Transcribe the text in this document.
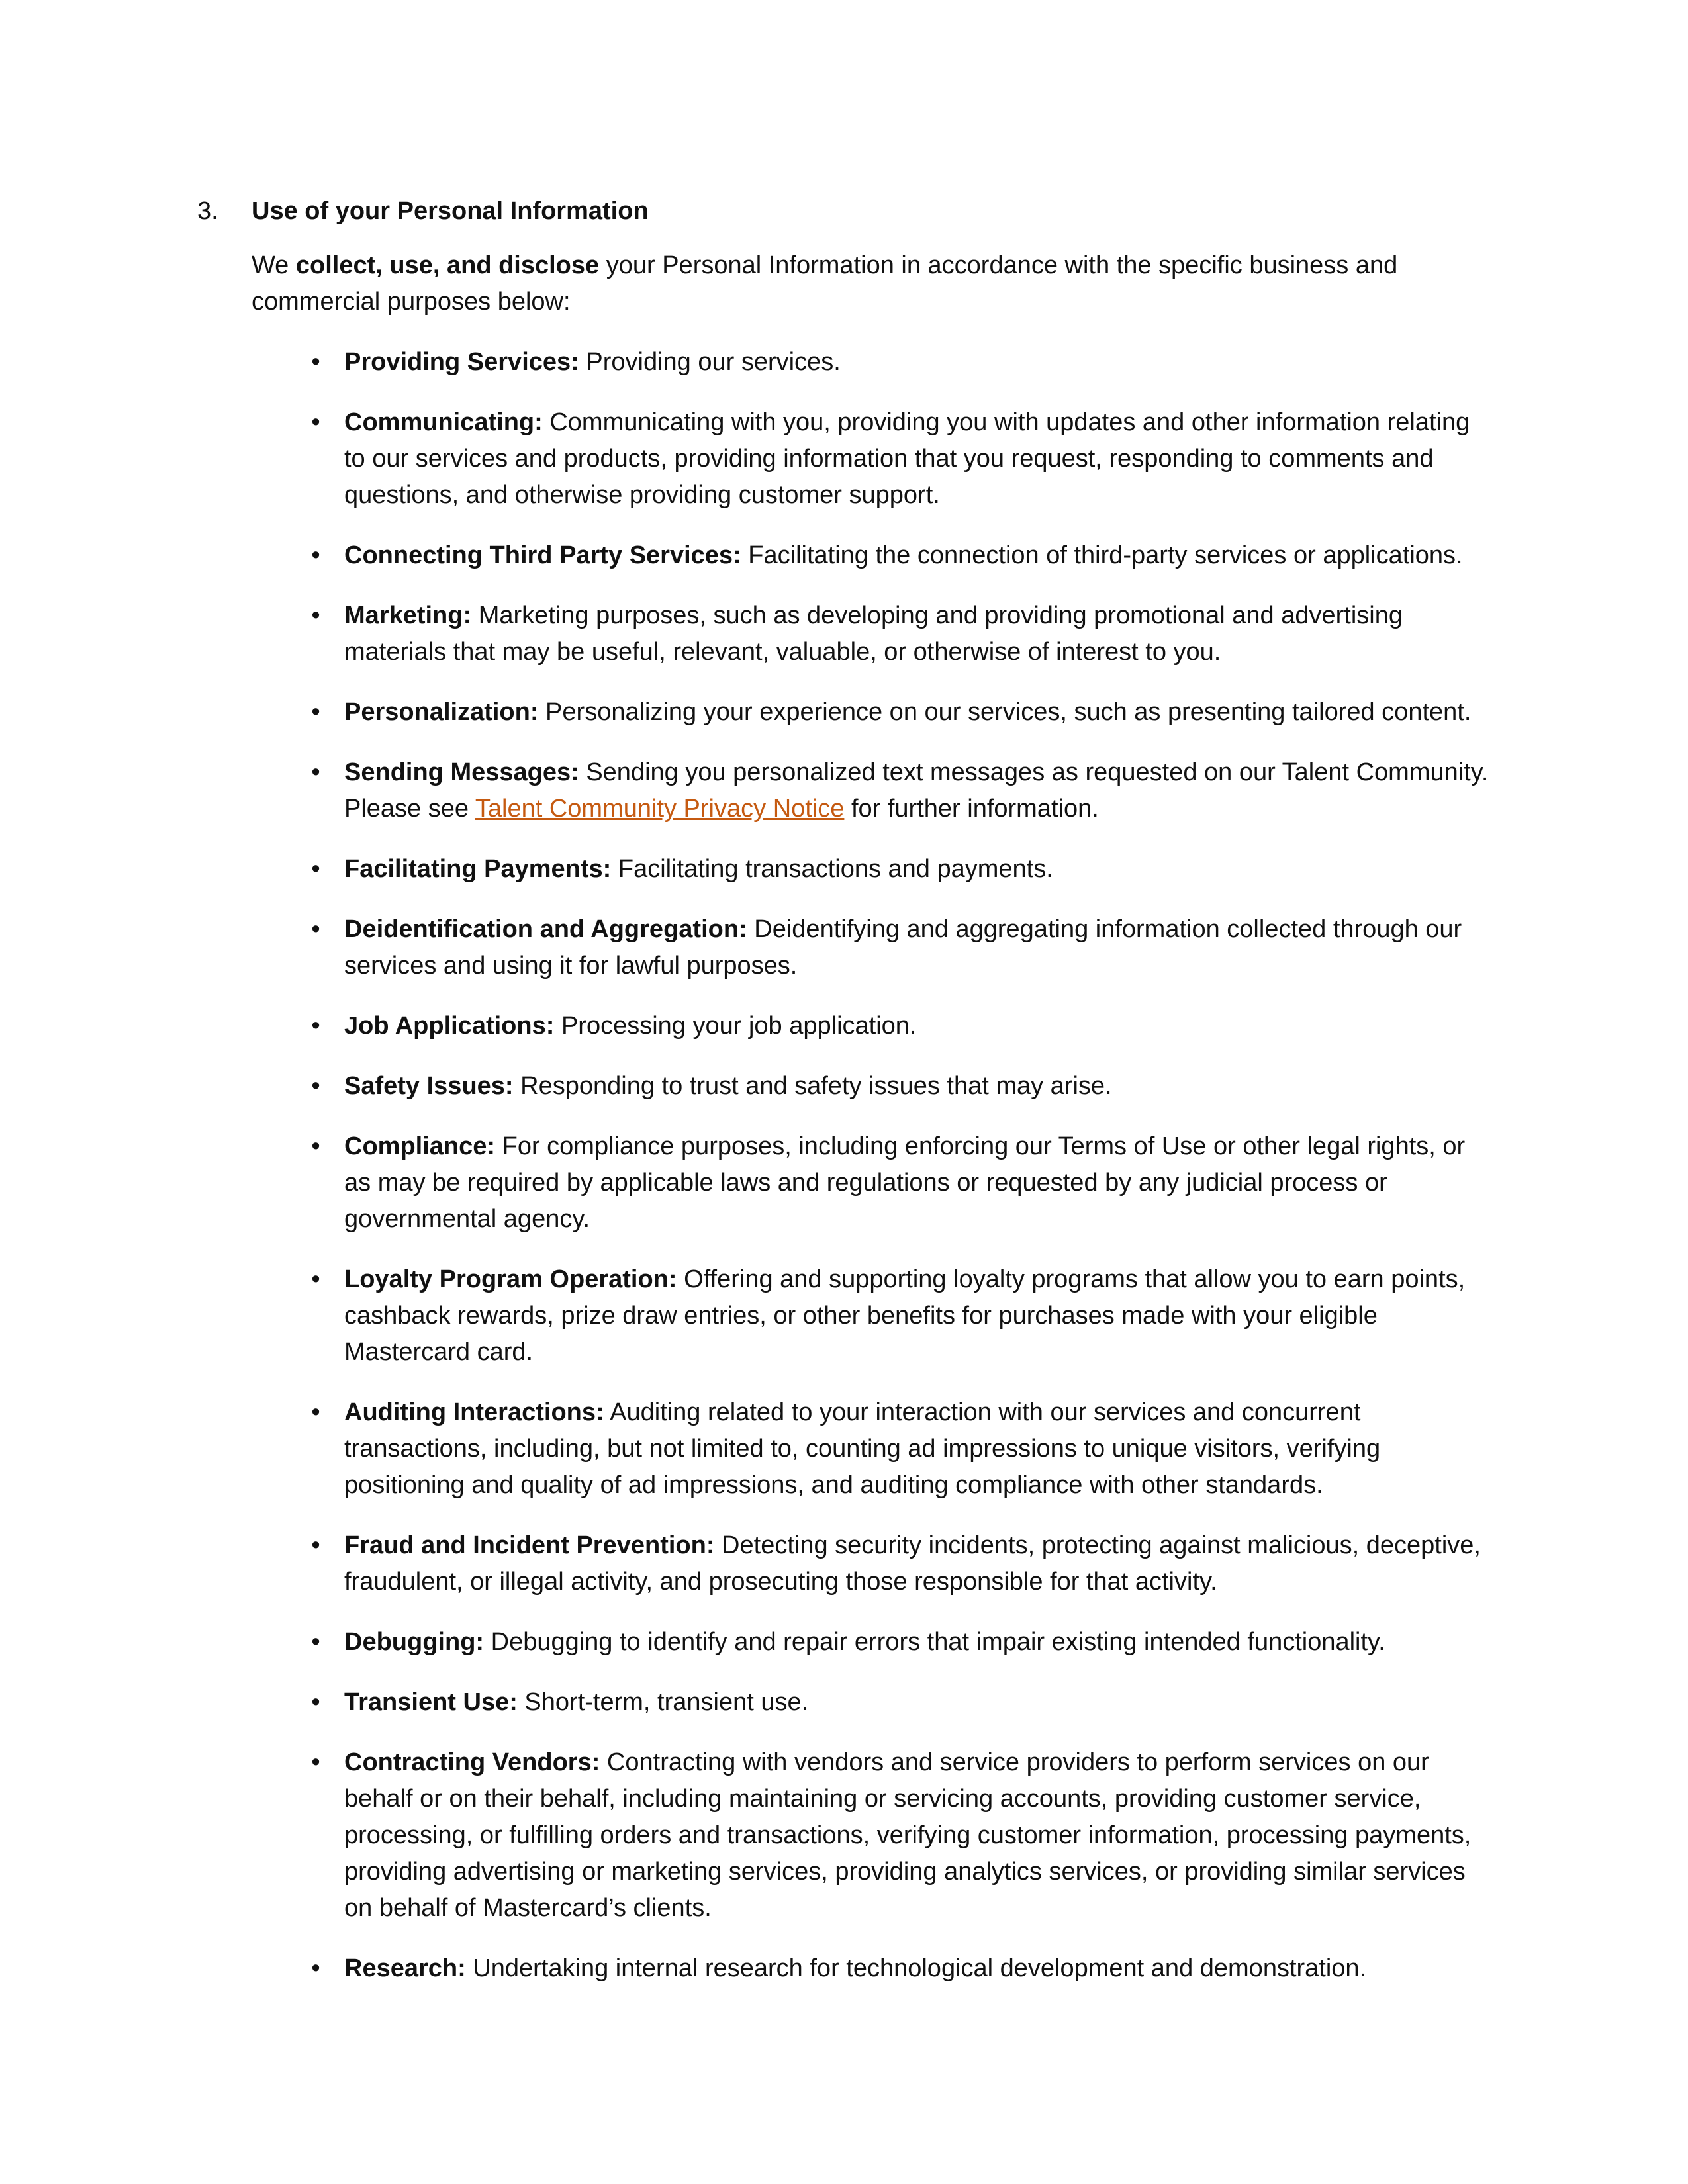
3.	Use of your Personal Information

We collect, use, and disclose your Personal Information in accordance with the specific business and commercial purposes below:

• Providing Services: Providing our services.
• Communicating: Communicating with you, providing you with updates and other information relating to our services and products, providing information that you request, responding to comments and questions, and otherwise providing customer support.
• Connecting Third Party Services: Facilitating the connection of third-party services or applications.
• Marketing: Marketing purposes, such as developing and providing promotional and advertising materials that may be useful, relevant, valuable, or otherwise of interest to you.
• Personalization: Personalizing your experience on our services, such as presenting tailored content.
• Sending Messages: Sending you personalized text messages as requested on our Talent Community. Please see Talent Community Privacy Notice for further information.
• Facilitating Payments: Facilitating transactions and payments.
• Deidentification and Aggregation: Deidentifying and aggregating information collected through our services and using it for lawful purposes.
• Job Applications: Processing your job application.
• Safety Issues: Responding to trust and safety issues that may arise.
• Compliance: For compliance purposes, including enforcing our Terms of Use or other legal rights, or as may be required by applicable laws and regulations or requested by any judicial process or governmental agency.
• Loyalty Program Operation: Offering and supporting loyalty programs that allow you to earn points, cashback rewards, prize draw entries, or other benefits for purchases made with your eligible Mastercard card.
• Auditing Interactions: Auditing related to your interaction with our services and concurrent transactions, including, but not limited to, counting ad impressions to unique visitors, verifying positioning and quality of ad impressions, and auditing compliance with other standards.
• Fraud and Incident Prevention: Detecting security incidents, protecting against malicious, deceptive, fraudulent, or illegal activity, and prosecuting those responsible for that activity.
• Debugging: Debugging to identify and repair errors that impair existing intended functionality.
• Transient Use: Short-term, transient use.
• Contracting Vendors: Contracting with vendors and service providers to perform services on our behalf or on their behalf, including maintaining or servicing accounts, providing customer service, processing, or fulfilling orders and transactions, verifying customer information, processing payments, providing advertising or marketing services, providing analytics services, or providing similar services on behalf of Mastercard’s clients.
• Research: Undertaking internal research for technological development and demonstration.
